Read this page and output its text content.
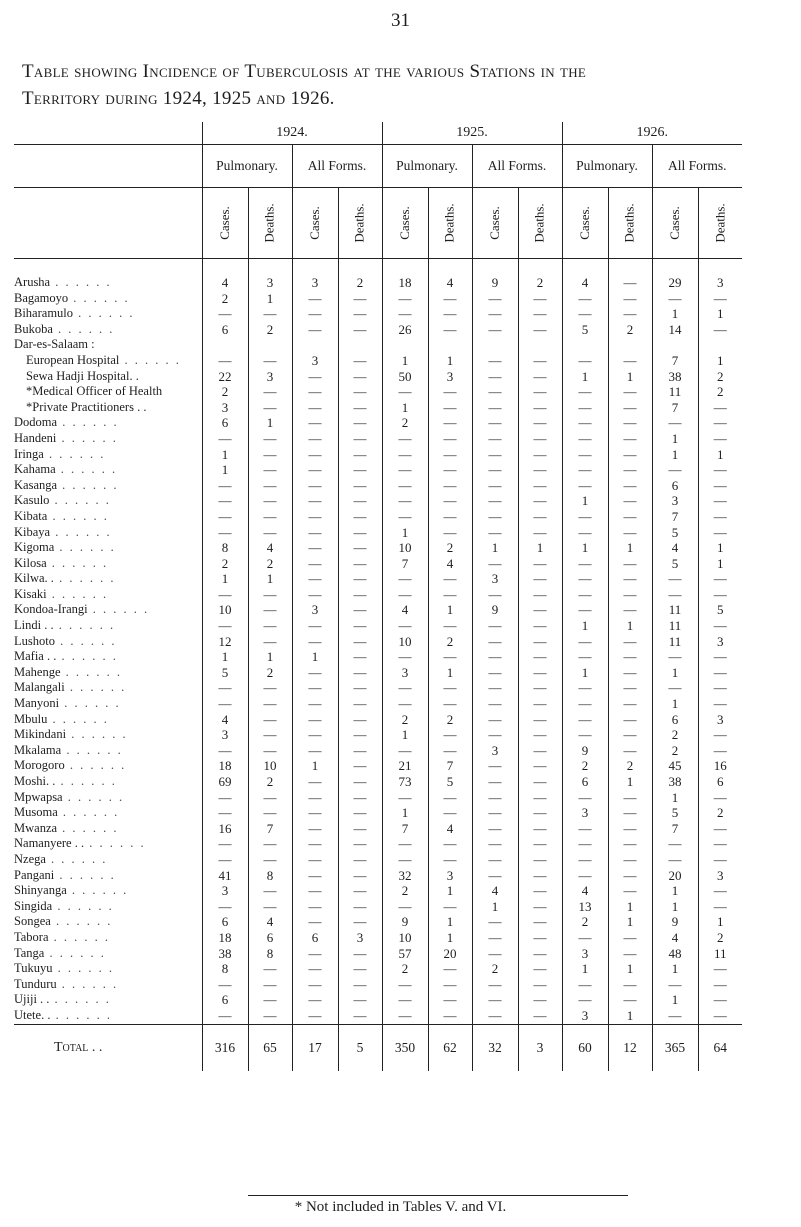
31
Table showing Incidence of Tuberculosis at the various Stations in the
Territory during 1924, 1925 and 1926.
	1924.				1925.				1926.			
	Pulmonary.		All Forms.		Pulmonary.		All Forms.		Pulmonary.		All Forms.	
	Cases.	Deaths.	Cases.	Deaths.	Cases.	Deaths.	Cases.	Deaths.	Cases.	Deaths.	Cases.	Deaths.

Arusha . . . . . .	4	3	3	2	18	4	9	2	4	—	29	3
Bagamoyo . . . . . .	2	1	—	—	—	—	—	—	—	—	—	—
Biharamulo . . . . . .	—	—	—	—	—	—	—	—	—	—	1	1
Bukoba . . . . . .	6	2	—	—	26	—	—	—	5	2	14	—
Dar-es-Salaam :												
European Hospital . . . . . .	—	—	3	—	1	1	—	—	—	—	7	1
Sewa Hadji Hospital. .	22	3	—	—	50	3	—	—	1	1	38	2
*Medical Officer of Health	2	—	—	—	—	—	—	—	—	—	11	2
*Private Practitioners . .	3	—	—	—	1	—	—	—	—	—	7	—
Dodoma . . . . . .	6	1	—	—	2	—	—	—	—	—	—	—
Handeni . . . . . .	—	—	—	—	—	—	—	—	—	—	1	—
Iringa . . . . . .	1	—	—	—	—	—	—	—	—	—	1	1
Kahama . . . . . .	1	—	—	—	—	—	—	—	—	—	—	—
Kasanga . . . . . .	—	—	—	—	—	—	—	—	—	—	6	—
Kasulo . . . . . .	—	—	—	—	—	—	—	—	1	—	3	—
Kibata . . . . . .	—	—	—	—	—	—	—	—	—	—	7	—
Kibaya . . . . . .	—	—	—	—	1	—	—	—	—	—	5	—
Kigoma . . . . . .	8	4	—	—	10	2	1	1	1	1	4	1
Kilosa . . . . . .	2	2	—	—	7	4	—	—	—	—	5	1
Kilwa. . . . . . . .	1	1	—	—	—	—	3	—	—	—	—	—
Kisaki . . . . . .	—	—	—	—	—	—	—	—	—	—	—	—
Kondoa-Irangi . . . . . .	10	—	3	—	4	1	9	—	—	—	11	5
Lindi . . . . . . . .	—	—	—	—	—	—	—	—	1	1	11	—
Lushoto . . . . . .	12	—	—	—	10	2	—	—	—	—	11	3
Mafia . . . . . . . .	1	1	1	—	—	—	—	—	—	—	—	—
Mahenge . . . . . .	5	2	—	—	3	1	—	—	1	—	1	—
Malangali . . . . . .	—	—	—	—	—	—	—	—	—	—	—	—
Manyoni . . . . . .	—	—	—	—	—	—	—	—	—	—	1	—
Mbulu . . . . . .	4	—	—	—	2	2	—	—	—	—	6	3
Mikindani . . . . . .	3	—	—	—	1	—	—	—	—	—	2	—
Mkalama . . . . . .	—	—	—	—	—	—	3	—	9	—	2	—
Morogoro . . . . . .	18	10	1	—	21	7	—	—	2	2	45	16
Moshi. . . . . . . .	69	2	—	—	73	5	—	—	6	1	38	6
Mpwapsa . . . . . .	—	—	—	—	—	—	—	—	—	—	1	—
Musoma . . . . . .	—	—	—	—	1	—	—	—	3	—	5	2
Mwanza . . . . . .	16	7	—	—	7	4	—	—	—	—	7	—
Namanyere . . . . . . . .	—	—	—	—	—	—	—	—	—	—	—	—
Nzega . . . . . .	—	—	—	—	—	—	—	—	—	—	—	—
Pangani . . . . . .	41	8	—	—	32	3	—	—	—	—	20	3
Shinyanga . . . . . .	3	—	—	—	2	1	4	—	4	—	1	—
Singida . . . . . .	—	—	—	—	—	—	1	—	13	1	1	—
Songea . . . . . .	6	4	—	—	9	1	—	—	2	1	9	1
Tabora . . . . . .	18	6	6	3	10	1	—	—	—	—	4	2
Tanga . . . . . .	38	8	—	—	57	20	—	—	3	—	48	11
Tukuyu . . . . . .	8	—	—	—	2	—	2	—	1	1	1	—
Tunduru . . . . . .	—	—	—	—	—	—	—	—	—	—	—	—
Ujiji . . . . . . . .	6	—	—	—	—	—	—	—	—	—	1	—
Utete. . . . . . . .	—	—	—	—	—	—	—	—	3	1	—	—
Total . .	316	65	17	5	350	62	32	3	60	12	365	64
* Not included in Tables V. and VI.
